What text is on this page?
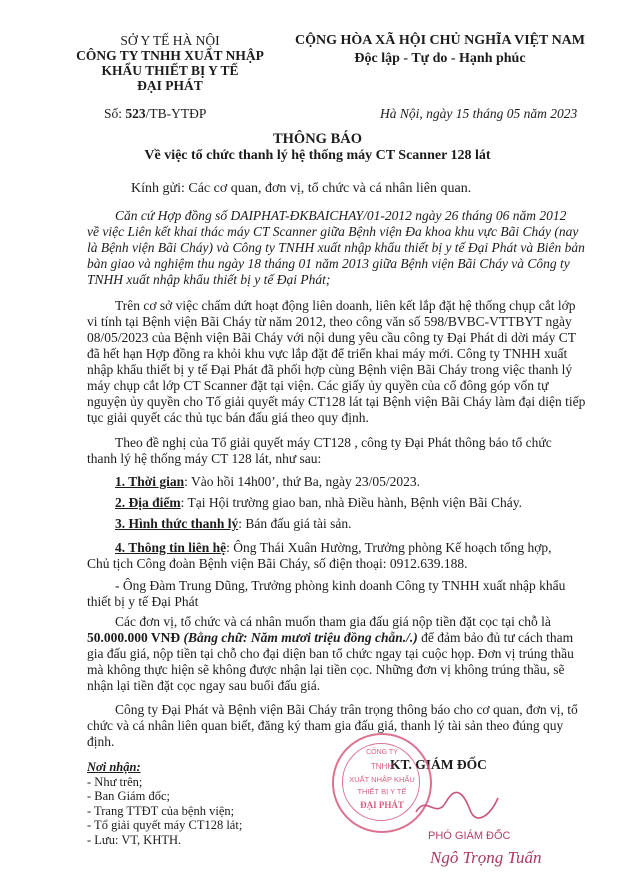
SỞ Y TẾ HÀ NỘI
CÔNG TY TNHH XUẤT NHẬP
KHẨU THIẾT BỊ Y TẾ
ĐẠI PHÁT
Số: 523/TB-YTĐP
CỘNG HÒA XÃ HỘI CHỦ NGHĨA VIỆT NAM
Độc lập - Tự do - Hạnh phúc
Hà Nội, ngày 15 tháng 05 năm 2023
THÔNG BÁO
Về việc tổ chức thanh lý hệ thống máy CT Scanner 128 lát
Kính gửi: Các cơ quan, đơn vị, tổ chức và cá nhân liên quan.
Căn cứ Hợp đồng số DAIPHAT-ĐKBAICHAY/01-2012 ngày 26 tháng 06 năm 2012
về việc Liên kết khai thác máy CT Scanner giữa Bệnh viện Đa khoa khu vực Bãi Cháy (nay
là Bệnh viện Bãi Cháy) và Công ty TNHH xuất nhập khẩu thiết bị y tế Đại Phát và Biên bản
bàn giao và nghiệm thu ngày 18 tháng 01 năm 2013 giữa Bệnh viện Bãi Cháy và Công ty
TNHH xuất nhập khẩu thiết bị y tế Đại Phát;
Trên cơ sở việc chấm dứt hoạt động liên doanh, liên kết lắp đặt hệ thống chụp cắt lớp
vi tính tại Bệnh viện Bãi Cháy từ năm 2012, theo công văn số 598/BVBC-VTTBYT ngày
08/05/2023 của Bệnh viện Bãi Cháy với nội dung yêu cầu công ty Đại Phát di dời máy CT
đã hết hạn Hợp đồng ra khỏi khu vực lắp đặt để triển khai máy mới. Công ty TNHH xuất
nhập khẩu thiết bị y tế Đại Phát đã phối hợp cùng Bệnh viện Bãi Cháy trong việc thanh lý
máy chụp cắt lớp CT Scanner đặt tại viện. Các giấy ủy quyền của cổ đông góp vốn tự
nguyện ủy quyền cho Tổ giải quyết máy CT128 lát tại Bệnh viện Bãi Cháy làm đại diện tiếp
tục giải quyết các thủ tục bán đấu giá theo quy định.
Theo đề nghị của Tổ giải quyết máy CT128 , công ty Đại Phát thông báo tổ chức
thanh lý hệ thống máy CT 128 lát, như sau:
1. Thời gian: Vào hồi 14h00’, thứ Ba, ngày 23/05/2023.
2. Địa điểm: Tại Hội trường giao ban, nhà Điều hành, Bệnh viện Bãi Cháy.
3. Hình thức thanh lý: Bán đấu giá tài sản.
4. Thông tin liên hệ: Ông Thái Xuân Hường, Trưởng phòng Kế hoạch tổng hợp,
Chủ tịch Công đoàn Bệnh viện Bãi Cháy, số điện thoại: 0912.639.188.
- Ông Đàm Trung Dũng, Trưởng phòng kinh doanh Công ty TNHH xuất nhập khẩu
thiết bị y tế Đại Phát
Các đơn vị, tổ chức và cá nhân muốn tham gia đấu giá nộp tiền đặt cọc tại chỗ là
50.000.000 VNĐ (Bằng chữ: Năm mươi triệu đồng chẵn./.) để đảm bảo đủ tư cách tham
gia đấu giá, nộp tiền tại chỗ cho đại diện ban tổ chức ngay tại cuộc họp. Đơn vị trúng thầu
mà không thực hiện sẽ không được nhận lại tiền cọc. Những đơn vị không trúng thầu, sẽ
nhận lại tiền đặt cọc ngay sau buổi đấu giá.
Công ty Đại Phát và Bệnh viện Bãi Cháy trân trọng thông báo cho cơ quan, đơn vị, tổ
chức và cá nhân liên quan biết, đăng ký tham gia đấu giá, thanh lý tài sản theo đúng quy
định.
Nơi nhận:
- Như trên;
- Ban Giám đốc;
- Trang TTĐT của bệnh viện;
- Tổ giải quyết máy CT128 lát;
- Lưu: VT, KHTH.
KT. GIÁM ĐỐC
CÔNG TY
TNHH
XUẤT NHẬP KHẨU
THIẾT BỊ Y TẾ
ĐẠI PHÁT
PHÓ GIÁM ĐỐC
Ngô Trọng Tuấn
